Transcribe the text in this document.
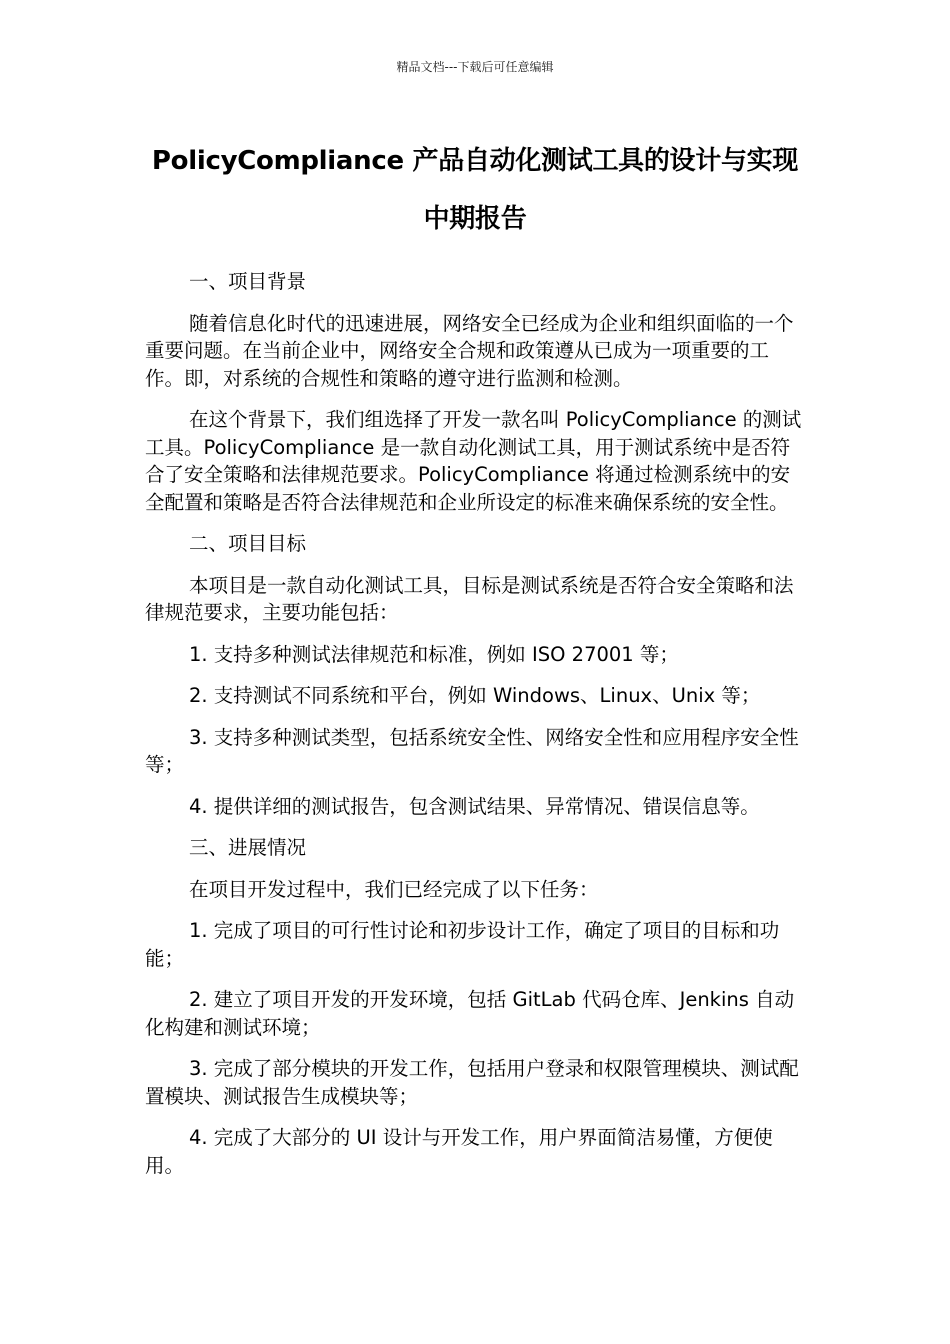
精品文档---下载后可任意编辑
PolicyCompliance 产品自动化测试工具的设计与实现中期报告

一、项目背景

随着信息化时代的迅速进展，网络安全已经成为企业和组织面临的一个重要问题。在当前企业中，网络安全合规和政策遵从已成为一项重要的工作。即，对系统的合规性和策略的遵守进行监测和检测。

在这个背景下，我们组选择了开发一款名叫 PolicyCompliance 的测试工具。PolicyCompliance 是一款自动化测试工具，用于测试系统中是否符合了安全策略和法律规范要求。PolicyCompliance 将通过检测系统中的安全配置和策略是否符合法律规范和企业所设定的标准来确保系统的安全性。

二、项目目标

本项目是一款自动化测试工具，目标是测试系统是否符合安全策略和法律规范要求，主要功能包括：

1. 支持多种测试法律规范和标准，例如 ISO 27001 等；

2. 支持测试不同系统和平台，例如 Windows、Linux、Unix 等；

3. 支持多种测试类型，包括系统安全性、网络安全性和应用程序安全性等；

4. 提供详细的测试报告，包含测试结果、异常情况、错误信息等。

三、进展情况

在项目开发过程中，我们已经完成了以下任务：

1. 完成了项目的可行性讨论和初步设计工作，确定了项目的目标和功能；

2. 建立了项目开发的开发环境，包括 GitLab 代码仓库、Jenkins 自动化构建和测试环境；

3. 完成了部分模块的开发工作，包括用户登录和权限管理模块、测试配置模块、测试报告生成模块等；

4. 完成了大部分的 UI 设计与开发工作，用户界面简洁易懂，方便使用。
